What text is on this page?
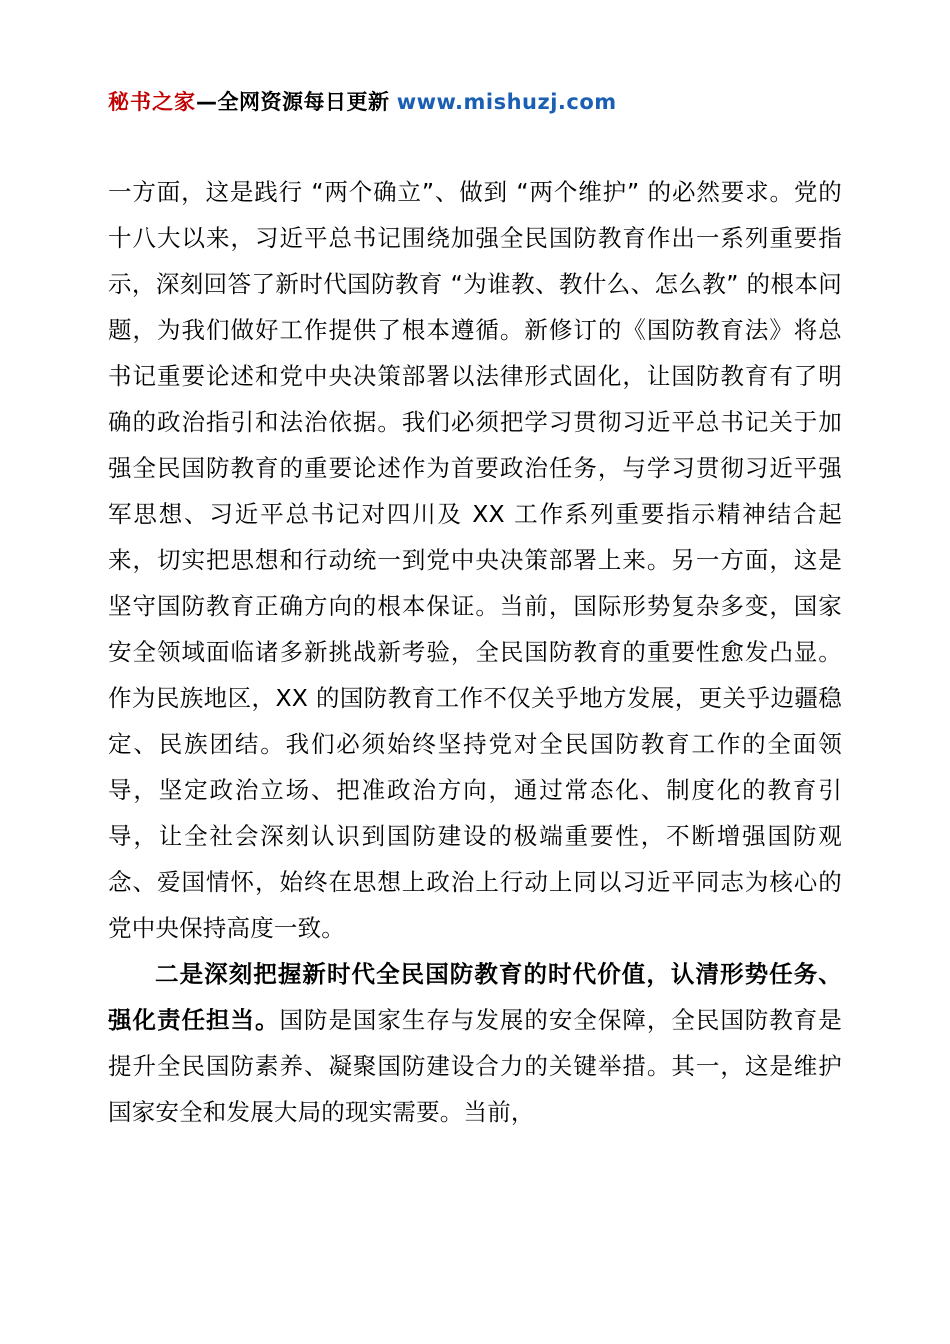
秘书之家—全网资源每日更新 www.mishuzj.com

一方面，这是践行 “两个确立”、做到 “两个维护” 的必然要求。党的十八大以来，习近平总书记围绕加强全民国防教育作出一系列重要指示，深刻回答了新时代国防教育 “为谁教、教什么、怎么教” 的根本问题，为我们做好工作提供了根本遵循。新修订的《国防教育法》将总书记重要论述和党中央决策部署以法律形式固化，让国防教育有了明确的政治指引和法治依据。我们必须把学习贯彻习近平总书记关于加强全民国防教育的重要论述作为首要政治任务，与学习贯彻习近平强军思想、习近平总书记对四川及 XX 工作系列重要指示精神结合起来，切实把思想和行动统一到党中央决策部署上来。另一方面，这是坚守国防教育正确方向的根本保证。当前，国际形势复杂多变，国家安全领域面临诸多新挑战新考验，全民国防教育的重要性愈发凸显。作为民族地区，XX 的国防教育工作不仅关乎地方发展，更关乎边疆稳定、民族团结。我们必须始终坚持党对全民国防教育工作的全面领导，坚定政治立场、把准政治方向，通过常态化、制度化的教育引导，让全社会深刻认识到国防建设的极端重要性，不断增强国防观念、爱国情怀，始终在思想上政治上行动上同以习近平同志为核心的党中央保持高度一致。

二是深刻把握新时代全民国防教育的时代价值，认清形势任务、强化责任担当。国防是国家生存与发展的安全保障，全民国防教育是提升全民国防素养、凝聚国防建设合力的关键举措。其一，这是维护国家安全和发展大局的现实需要。当前，
